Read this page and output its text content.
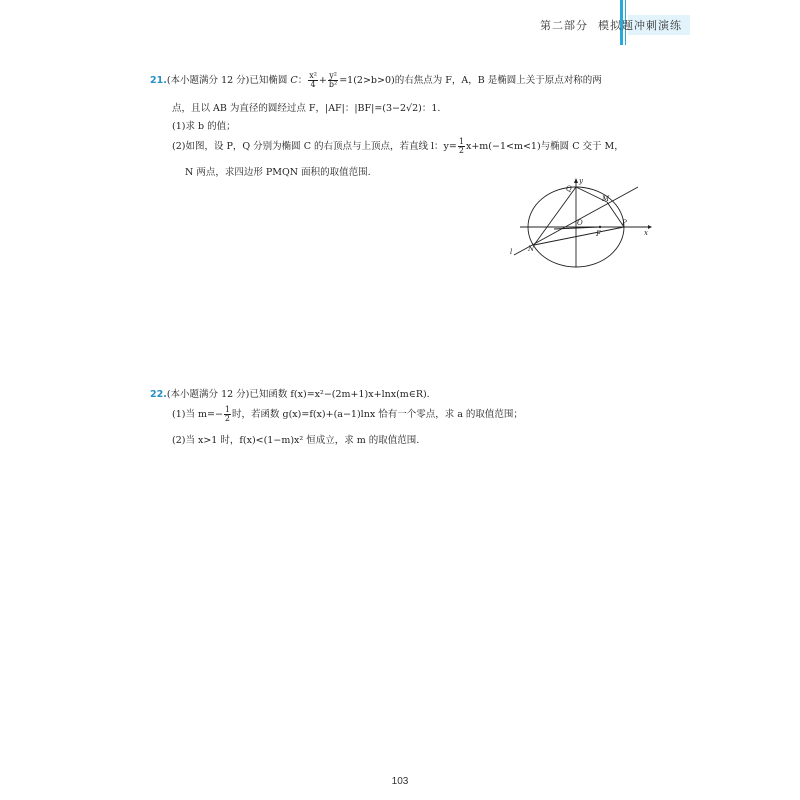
第二部分 模拟题冲刺演练
21.(本小题满分 12 分)已知椭圆 C： $\frac{\text{x²}}{4} + \frac{\text{y²}}{\text{b²}} =1(2>b>0)$的右焦点为 F，A，B 是椭圆上关于原点对称的两
点，且以 AB 为直径的圆经过点 F，|AF|：|BF|=(3−2√2)：1.
(1)求 b 的值；
(2)如图，设 P，Q 分别为椭圆 C 的右顶点与上顶点，若直线 l：$y= \frac{1}{2} x+m(-1<m<1)$与椭圆 C 交于 M，
N 两点，求四边形 PMQN 面积的取值范围.
y
x
Q
M
P
O
F
N
l
22.(本小题满分 12 分)已知函数 f(x)=x²−(2m+1)x+lnx(m∈R).
(1)当 $m=- \frac{1}{2}$ 时，若函数 g(x)=f(x)+(a−1)lnx 恰有一个零点，求 a 的取值范围；
(2)当 x>1 时，f(x)<(1−m)x² 恒成立，求 m 的取值范围.
103
